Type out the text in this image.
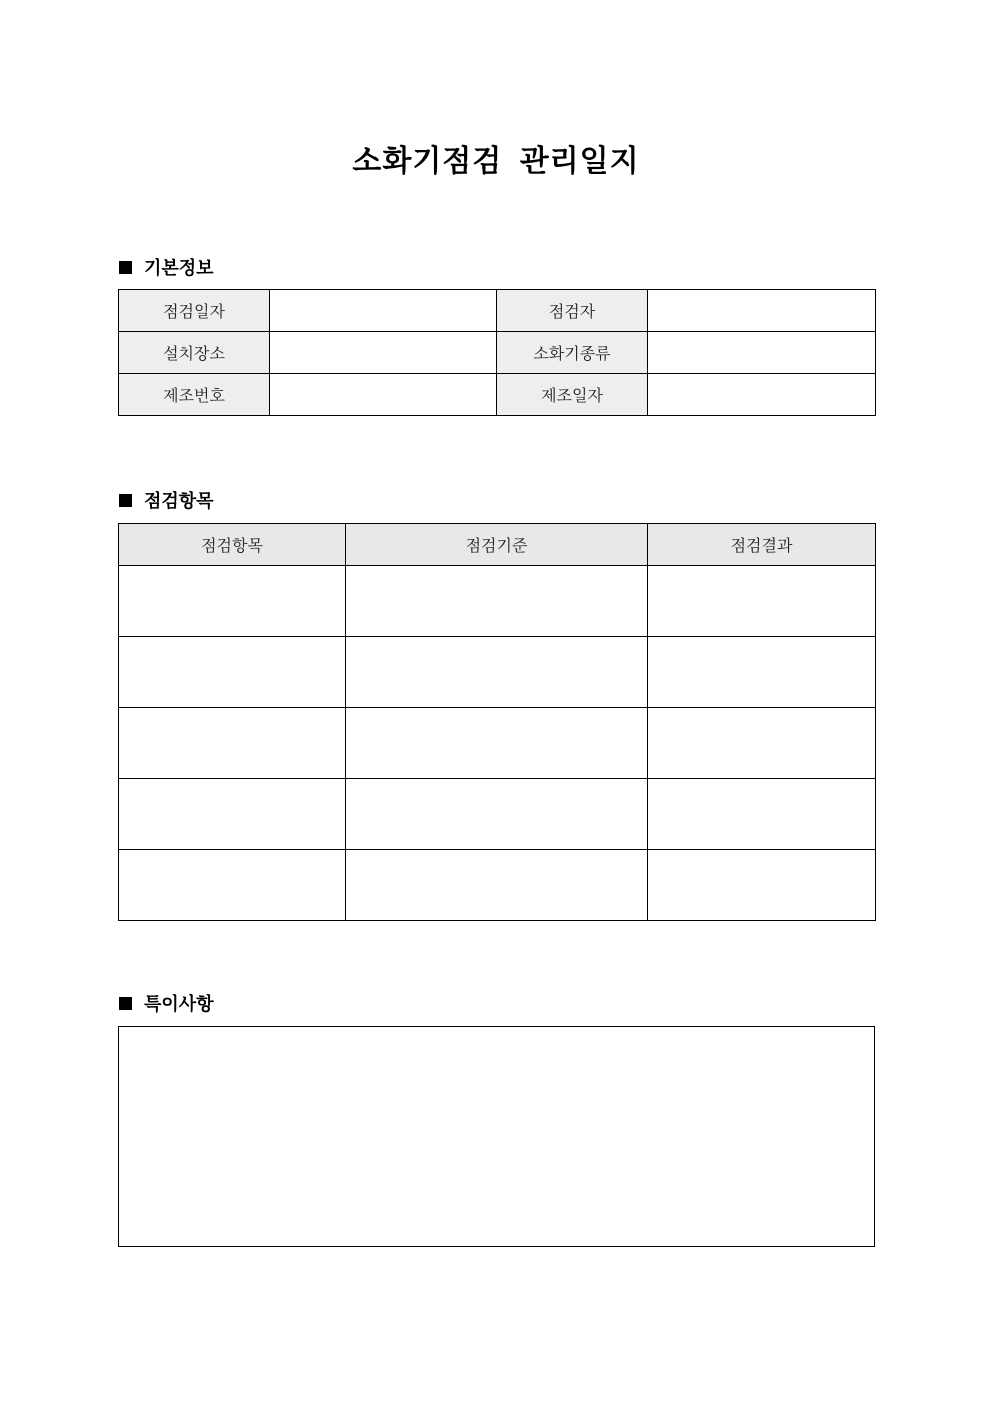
소화기점검 관리일지
기본정보
점검일자		점검자	
설치장소		소화기종류	
제조번호		제조일자	
점검항목
점검항목	점검기준	점검결과

특이사항
